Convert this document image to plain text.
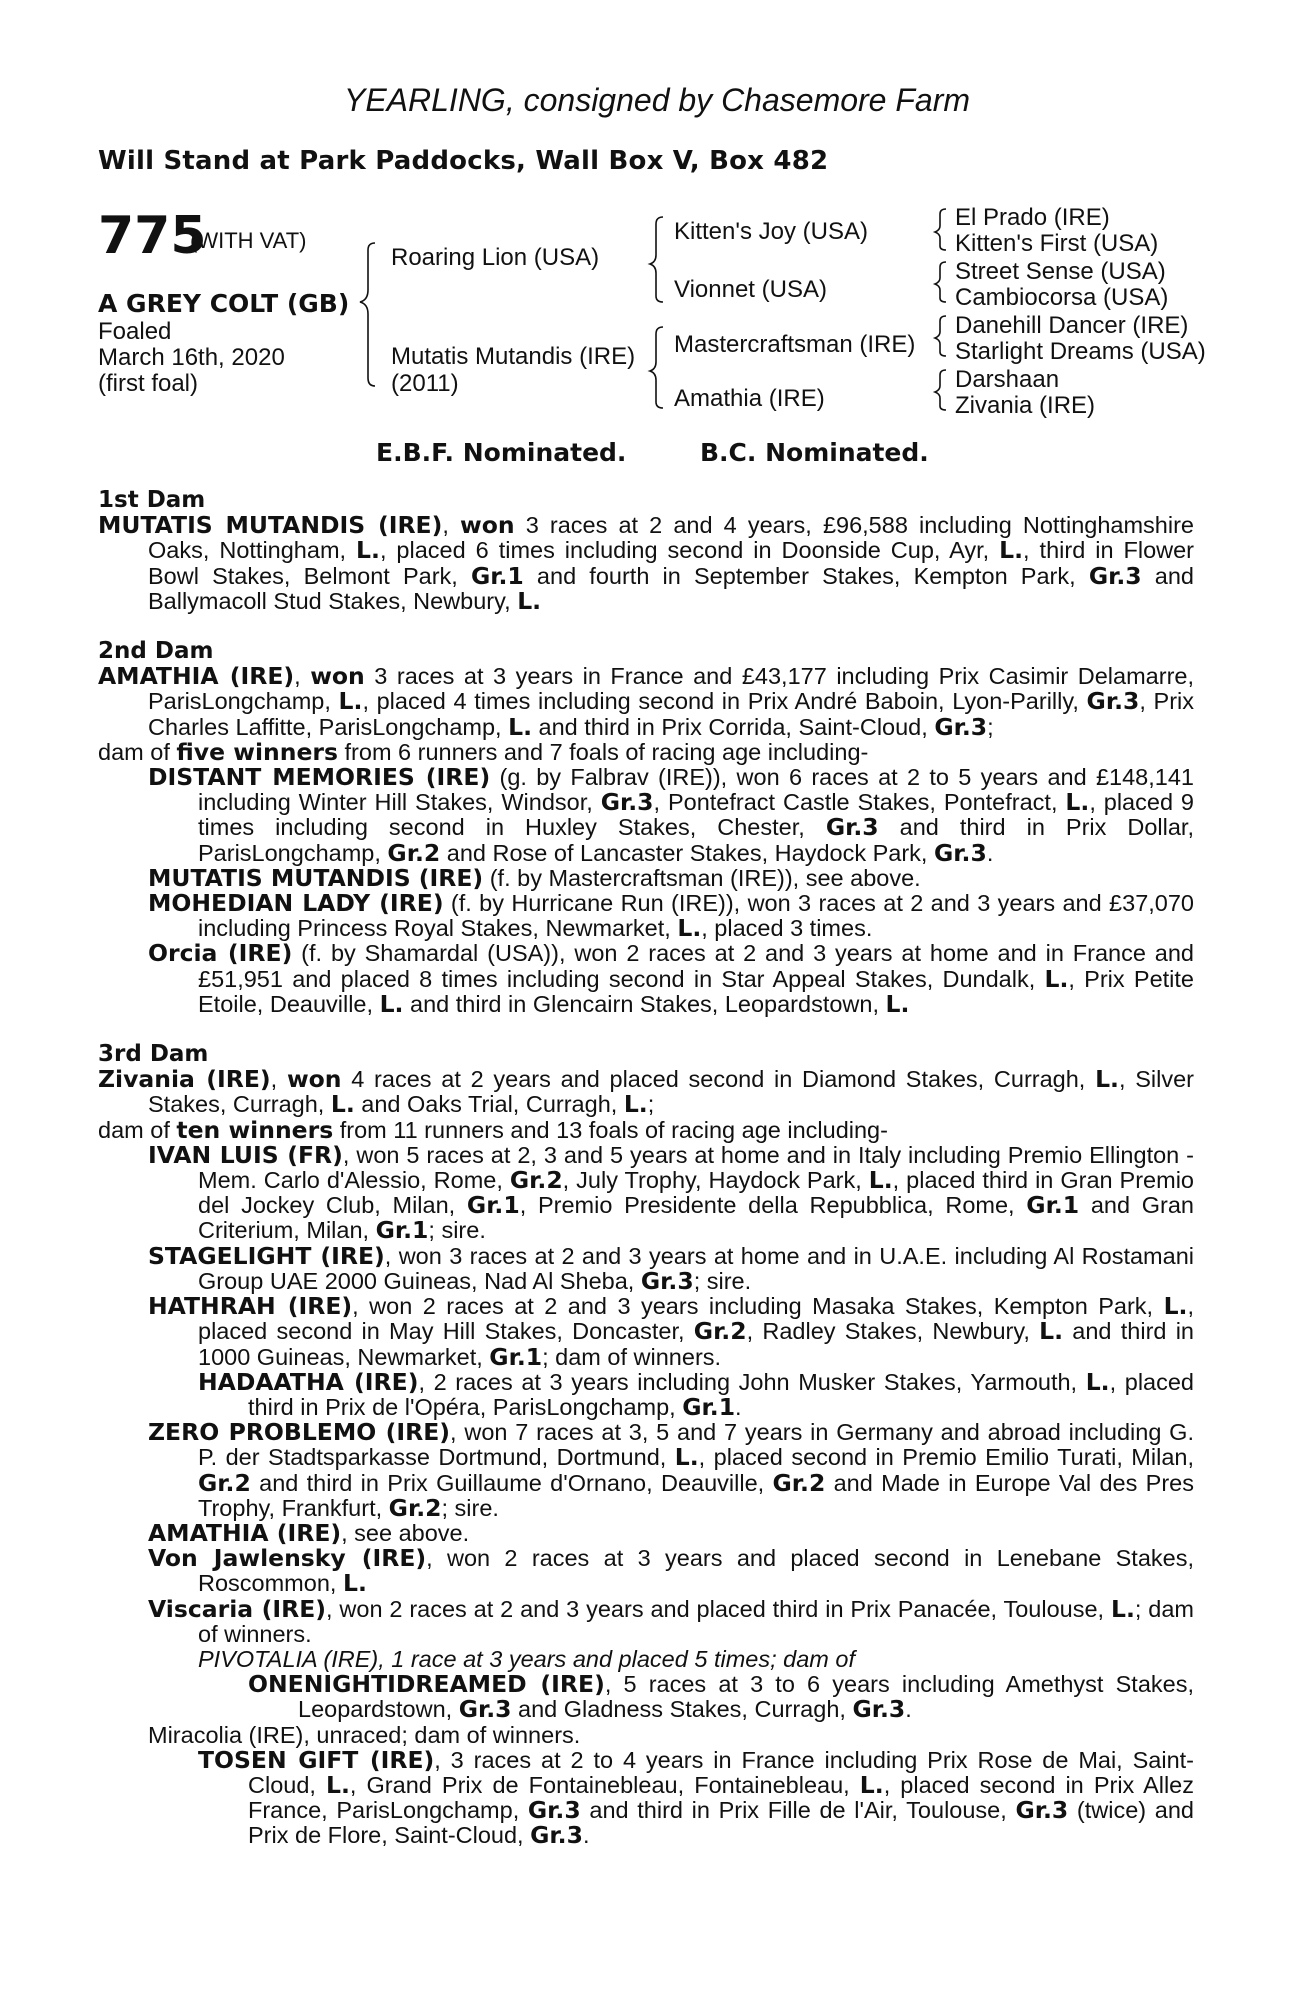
YEARLING, consigned by Chasemore Farm
Will Stand at Park Paddocks, Wall Box V, Box 482
775
(WITH VAT)
A GREY COLT (GB)
Foaled
March 16th, 2020
(first foal)
Roaring Lion (USA)
Mutatis Mutandis (IRE)
(2011)
Kitten's Joy (USA)
Vionnet (USA)
Mastercraftsman (IRE)
Amathia (IRE)
El Prado (IRE)
Kitten's First (USA)
Street Sense (USA)
Cambiocorsa (USA)
Danehill Dancer (IRE)
Starlight Dreams (USA)
Darshaan
Zivania (IRE)
E.B.F. Nominated.	B.C. Nominated.
1st Dam

MUTATIS MUTANDIS (IRE), won 3 races at 2 and 4 years, £96,588 including Nottinghamshire Oaks, Nottingham, L., placed 6 times including second in Doonside Cup, Ayr, L., third in Flower Bowl Stakes, Belmont Park, Gr.1 and fourth in September Stakes, Kempton Park, Gr.3 and Ballymacoll Stud Stakes, Newbury, L.

2nd Dam

AMATHIA (IRE), won 3 races at 3 years in France and £43,177 including Prix Casimir Delamarre, ParisLongchamp, L., placed 4 times including second in Prix André Baboin, Lyon-Parilly, Gr.3, Prix Charles Laffitte, ParisLongchamp, L. and third in Prix Corrida, Saint-Cloud, Gr.3;

dam of five winners from 6 runners and 7 foals of racing age including-

DISTANT MEMORIES (IRE) (g. by Falbrav (IRE)), won 6 races at 2 to 5 years and £148,141 including Winter Hill Stakes, Windsor, Gr.3, Pontefract Castle Stakes, Pontefract, L., placed 9 times including second in Huxley Stakes, Chester, Gr.3 and third in Prix Dollar, ParisLongchamp, Gr.2 and Rose of Lancaster Stakes, Haydock Park, Gr.3.

MUTATIS MUTANDIS (IRE) (f. by Mastercraftsman (IRE)), see above.

MOHEDIAN LADY (IRE) (f. by Hurricane Run (IRE)), won 3 races at 2 and 3 years and £37,070 including Princess Royal Stakes, Newmarket, L., placed 3 times.

Orcia (IRE) (f. by Shamardal (USA)), won 2 races at 2 and 3 years at home and in France and £51,951 and placed 8 times including second in Star Appeal Stakes, Dundalk, L., Prix Petite Etoile, Deauville, L. and third in Glencairn Stakes, Leopardstown, L.

3rd Dam

Zivania (IRE), won 4 races at 2 years and placed second in Diamond Stakes, Curragh, L., Silver Stakes, Curragh, L. and Oaks Trial, Curragh, L.;

dam of ten winners from 11 runners and 13 foals of racing age including-

IVAN LUIS (FR), won 5 races at 2, 3 and 5 years at home and in Italy including Premio Ellington - Mem. Carlo d'Alessio, Rome, Gr.2, July Trophy, Haydock Park, L., placed third in Gran Premio del Jockey Club, Milan, Gr.1, Premio Presidente della Repubblica, Rome, Gr.1 and Gran Criterium, Milan, Gr.1; sire.

STAGELIGHT (IRE), won 3 races at 2 and 3 years at home and in U.A.E. including Al Rostamani Group UAE 2000 Guineas, Nad Al Sheba, Gr.3; sire.

HATHRAH (IRE), won 2 races at 2 and 3 years including Masaka Stakes, Kempton Park, L., placed second in May Hill Stakes, Doncaster, Gr.2, Radley Stakes, Newbury, L. and third in 1000 Guineas, Newmarket, Gr.1; dam of winners.

HADAATHA (IRE), 2 races at 3 years including John Musker Stakes, Yarmouth, L., placed third in Prix de l'Opéra, ParisLongchamp, Gr.1.

ZERO PROBLEMO (IRE), won 7 races at 3, 5 and 7 years in Germany and abroad including G. P. der Stadtsparkasse Dortmund, Dortmund, L., placed second in Premio Emilio Turati, Milan, Gr.2 and third in Prix Guillaume d'Ornano, Deauville, Gr.2 and Made in Europe Val des Pres Trophy, Frankfurt, Gr.2; sire.

AMATHIA (IRE), see above.

Von Jawlensky (IRE), won 2 races at 3 years and placed second in Lenebane Stakes, Roscommon, L.

Viscaria (IRE), won 2 races at 2 and 3 years and placed third in Prix Panacée, Toulouse, L.; dam of winners.

PIVOTALIA (IRE), 1 race at 3 years and placed 5 times; dam of

ONENIGHTIDREAMED (IRE), 5 races at 3 to 6 years including Amethyst Stakes, Leopardstown, Gr.3 and Gladness Stakes, Curragh, Gr.3.

Miracolia (IRE), unraced; dam of winners.

TOSEN GIFT (IRE), 3 races at 2 to 4 years in France including Prix Rose de Mai, Saint-Cloud, L., Grand Prix de Fontainebleau, Fontainebleau, L., placed second in Prix Allez France, ParisLongchamp, Gr.3 and third in Prix Fille de l'Air, Toulouse, Gr.3 (twice) and Prix de Flore, Saint-Cloud, Gr.3.
